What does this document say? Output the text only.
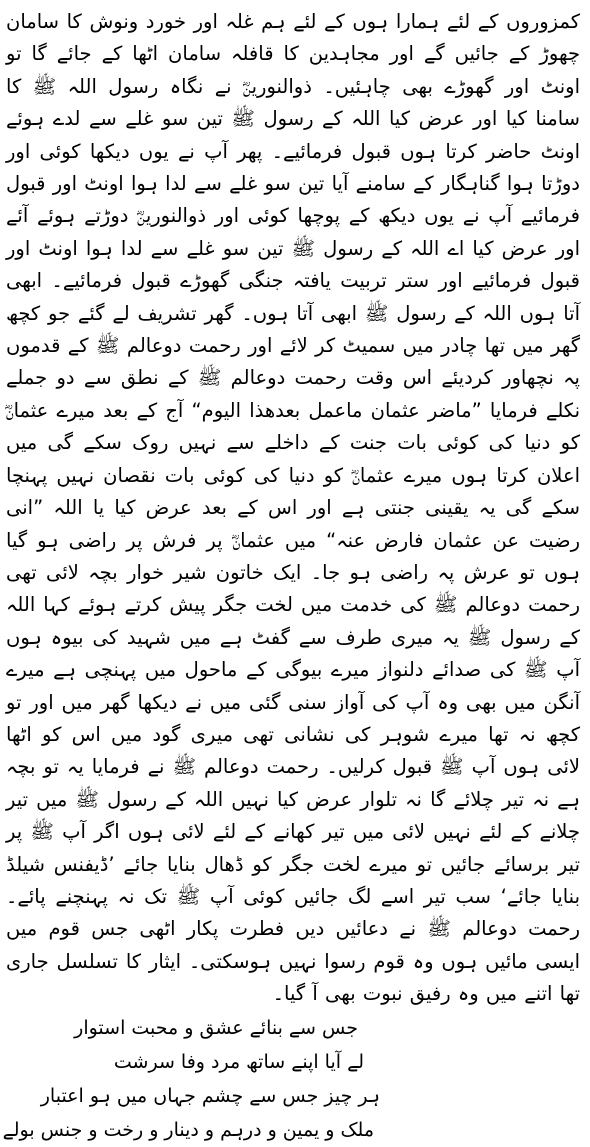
کمزوروں کے لئے ہمارا ہوں کے لئے ہم غلہ اور خورد ونوش کا سامان چھوڑ کے جائیں گے اور مجاہدین کا قافلہ سامان اٹھا کے جائے گا تو اونٹ اور گھوڑے بھی چاہئیں۔ ذوالنورینؓ نے نگاہ رسول اللہ ﷺ کا سامنا کیا اور عرض کیا اللہ کے رسول ﷺ تین سو غلے سے لدے ہوئے اونٹ حاضر کرتا ہوں قبول فرمائیے۔ پھر آپ نے یوں دیکھا کوئی اور دوڑتا ہوا گناہگار کے سامنے آیا تین سو غلے سے لدا ہوا اونٹ اور قبول فرمائیے آپ نے یوں دیکھ کے پوچھا کوئی اور ذوالنورینؓ دوڑتے ہوئے آئے اور عرض کیا اے اللہ کے رسول ﷺ تین سو غلے سے لدا ہوا اونٹ اور قبول فرمائیے اور ستر تربیت یافتہ جنگی گھوڑے قبول فرمائیے۔ ابھی آتا ہوں اللہ کے رسول ﷺ ابھی آتا ہوں۔ گھر تشریف لے گئے جو کچھ گھر میں تھا چادر میں سمیٹ کر لائے اور رحمت دوعالم ﷺ کے قدموں پہ نچھاور کردیئے اس وقت رحمت دوعالم ﷺ کے نطق سے دو جملے نکلے فرمایا ”ماضر عثمان ماعمل بعدھذا الیوم“ آج کے بعد میرے عثمانؓ کو دنیا کی کوئی بات جنت کے داخلے سے نہیں روک سکے گی میں اعلان کرتا ہوں میرے عثمانؓ کو دنیا کی کوئی بات نقصان نہیں پہنچا سکے گی یہ یقینی جنتی ہے اور اس کے بعد عرض کیا یا اللہ ”انی رضیت عن عثمان فارض عنہ“ میں عثمانؓ پر فرش پر راضی ہو گیا ہوں تو عرش پہ راضی ہو جا۔ ایک خاتون شیر خوار بچہ لائی تھی رحمت دوعالم ﷺ کی خدمت میں لخت جگر پیش کرتے ہوئے کہا اللہ کے رسول ﷺ یہ میری طرف سے گفٹ ہے میں شہید کی بیوہ ہوں آپ ﷺ کی صدائے دلنواز میرے بیوگی کے ماحول میں پہنچی ہے میرے آنگن میں بھی وہ آپ کی آواز سنی گئی میں نے دیکھا گھر میں اور تو کچھ نہ تھا میرے شوہر کی نشانی تھی میری گود میں اس کو اٹھا لائی ہوں آپ ﷺ قبول کرلیں۔ رحمت دوعالم ﷺ نے فرمایا یہ تو بچہ ہے نہ تیر چلائے گا نہ تلوار عرض کیا نہیں اللہ کے رسول ﷺ میں تیر چلانے کے لئے نہیں لائی میں تیر کھانے کے لئے لائی ہوں اگر آپ ﷺ پر تیر برسائے جائیں تو میرے لخت جگر کو ڈھال بنایا جائے ’ڈیفنس شیلڈ بنایا جائے‘ سب تیر اسے لگ جائیں کوئی آپ ﷺ تک نہ پہنچنے پائے۔ رحمت دوعالم ﷺ نے دعائیں دیں فطرت پکار اٹھی جس قوم میں ایسی مائیں ہوں وہ قوم رسوا نہیں ہوسکتی۔ ایثار کا تسلسل جاری تھا اتنے میں وہ رفیق نبوت بھی آ گیا۔

جس سے بنائے عشق و محبت استوار
لے آیا اپنے ساتھ مرد وفا سرشت
ہر چیز جس سے چشم جہاں میں ہو اعتبار
ملک و یمین و درہم و دینار و رخت و جنس بولے
